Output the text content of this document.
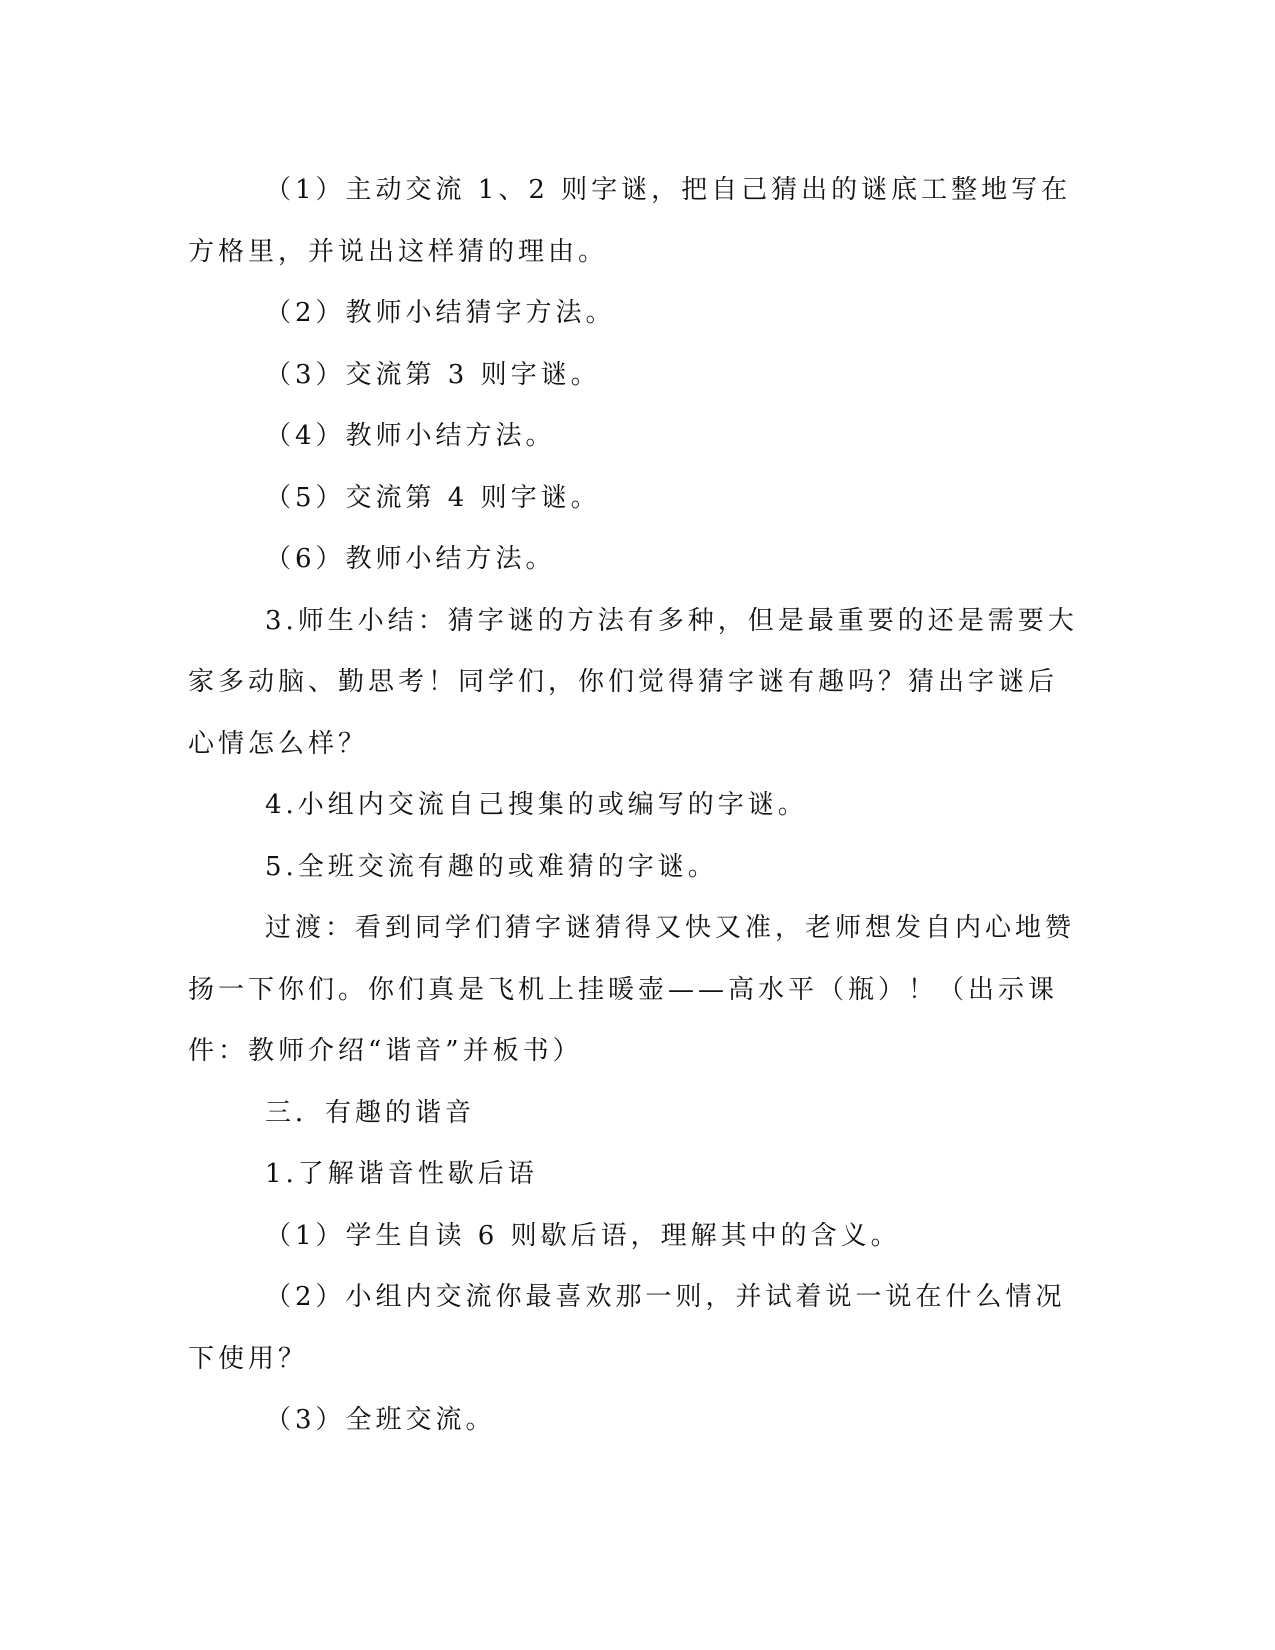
（1）主动交流 1、2 则字谜，把自己猜出的谜底工整地写在方格里，并说出这样猜的理由。

（2）教师小结猜字方法。

（3）交流第 3 则字谜。

（4）教师小结方法。

（5）交流第 4 则字谜。

（6）教师小结方法。

3.师生小结：猜字谜的方法有多种，但是最重要的还是需要大家多动脑、勤思考！同学们，你们觉得猜字谜有趣吗？猜出字谜后心情怎么样？

4.小组内交流自己搜集的或编写的字谜。

5.全班交流有趣的或难猜的字谜。

过渡：看到同学们猜字谜猜得又快又准，老师想发自内心地赞扬一下你们。你们真是飞机上挂暖壶——高水平（瓶）！（出示课件：教师介绍“谐音”并板书）

三．有趣的谐音

1.了解谐音性歇后语

（1）学生自读 6 则歇后语，理解其中的含义。

（2）小组内交流你最喜欢那一则，并试着说一说在什么情况下使用？

（3）全班交流。
